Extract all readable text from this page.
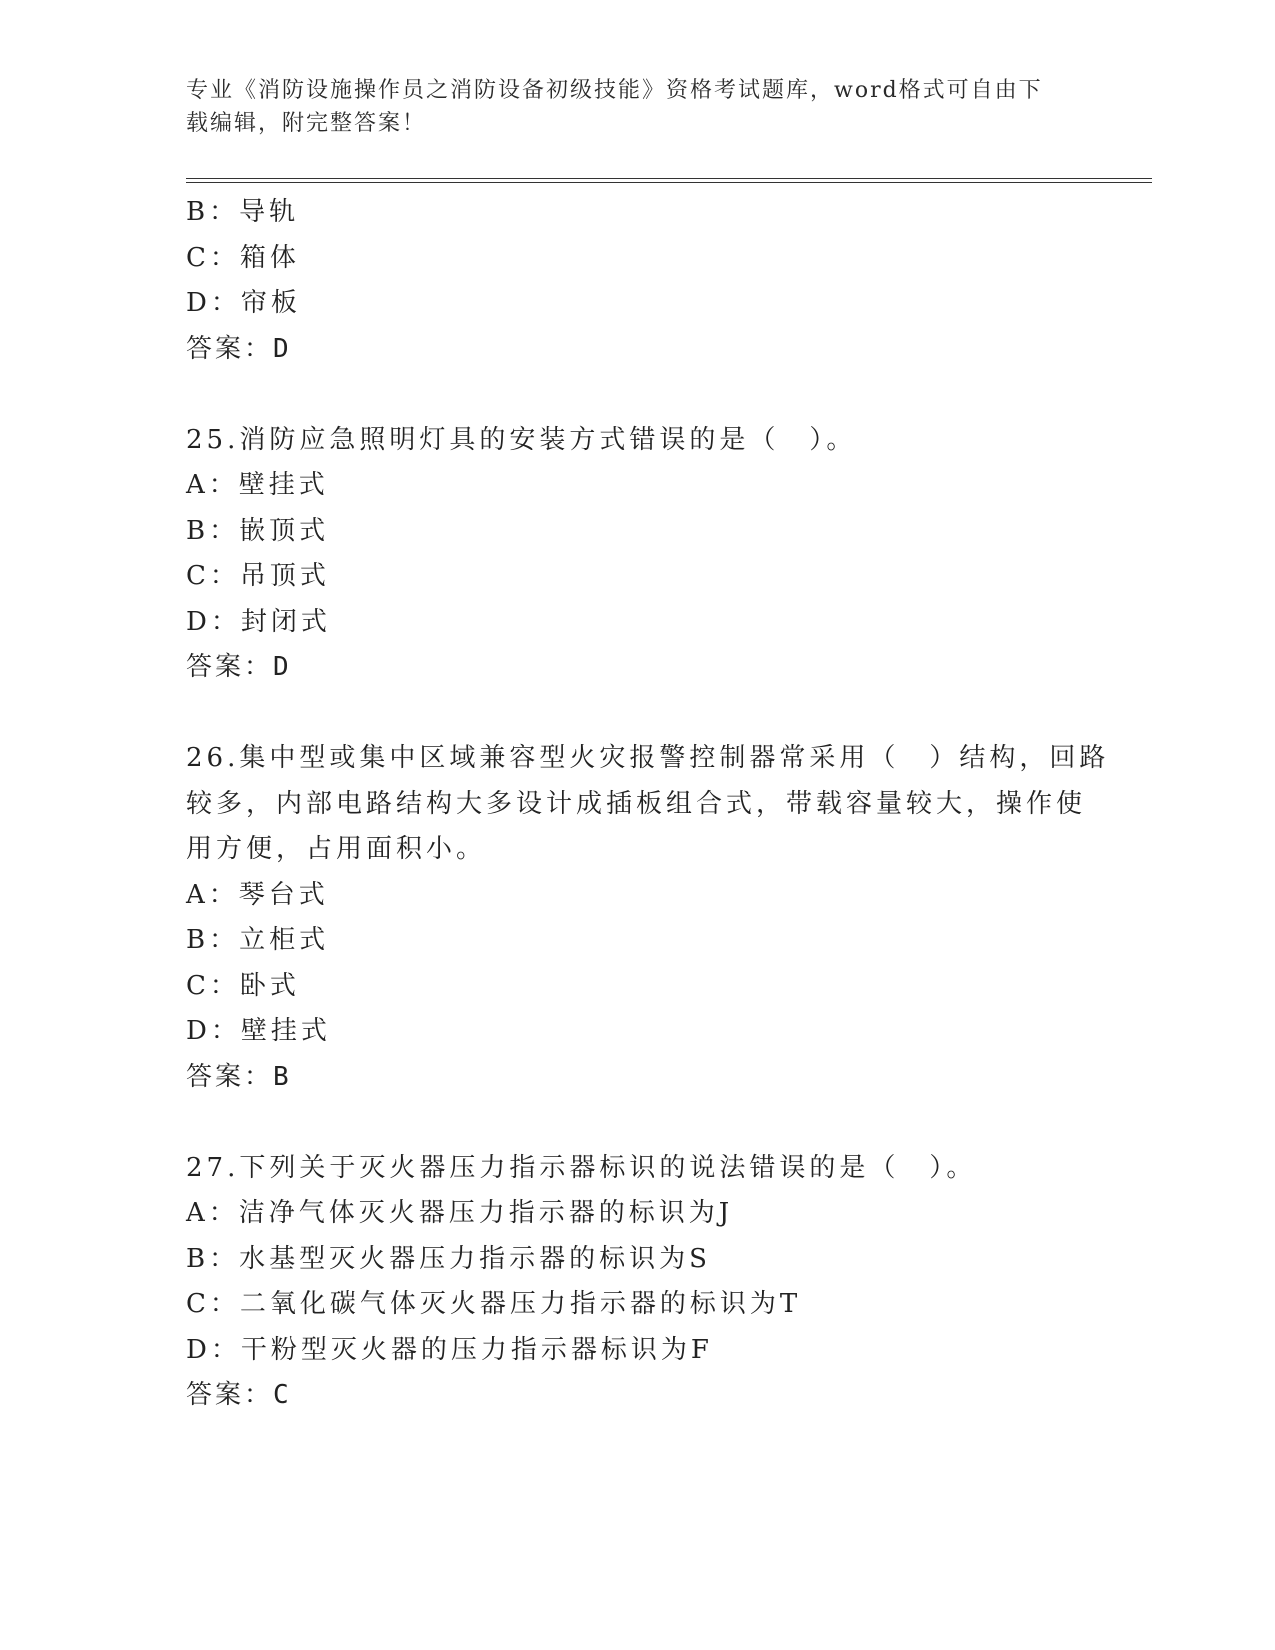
专业《消防设施操作员之消防设备初级技能》资格考试题库，word格式可自由下
载编辑，附完整答案！
B：导轨
C：箱体
D：帘板
答案：D
25.消防应急照明灯具的安装方式错误的是（　）。
A：壁挂式
B：嵌顶式
C：吊顶式
D：封闭式
答案：D
26.集中型或集中区域兼容型火灾报警控制器常采用（　）结构，回路
较多，内部电路结构大多设计成插板组合式，带载容量较大，操作使
用方便，占用面积小。
A：琴台式
B：立柜式
C：卧式
D：壁挂式
答案：B
27.下列关于灭火器压力指示器标识的说法错误的是（　）。
A：洁净气体灭火器压力指示器的标识为J
B：水基型灭火器压力指示器的标识为S
C：二氧化碳气体灭火器压力指示器的标识为T
D：干粉型灭火器的压力指示器标识为F
答案：C
